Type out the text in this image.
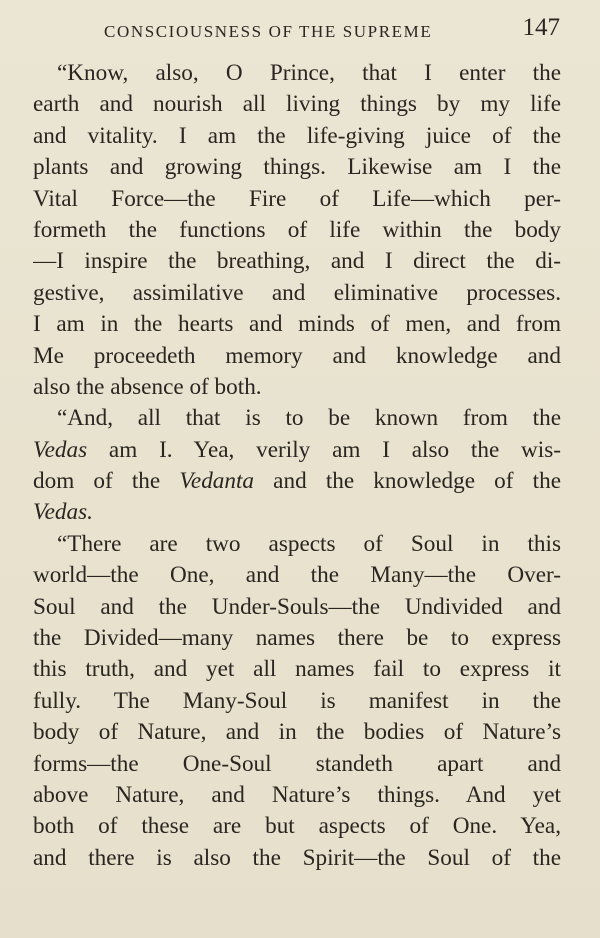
CONSCIOUSNESS OF THE SUPREME	147
“Know, also, O Prince, that I enter the
earth and nourish all living things by my life
and vitality. I am the life-giving juice of the
plants and growing things. Likewise am I the
Vital Force—the Fire of Life—which per-
formeth the functions of life within the body
—I inspire the breathing, and I direct the di-
gestive, assimilative and eliminative processes.
I am in the hearts and minds of men, and from
Me proceedeth memory and knowledge and
also the absence of both.
“And, all that is to be known from the
Vedas am I. Yea, verily am I also the wis-
dom of the Vedanta and the knowledge of the
Vedas.
“There are two aspects of Soul in this
world—the One, and the Many—the Over-
Soul and the Under-Souls—the Undivided and
the Divided—many names there be to express
this truth, and yet all names fail to express it
fully. The Many-Soul is manifest in the
body of Nature, and in the bodies of Nature’s
forms—the One-Soul standeth apart and
above Nature, and Nature’s things. And yet
both of these are but aspects of One. Yea,
and there is also the Spirit—the Soul of the
